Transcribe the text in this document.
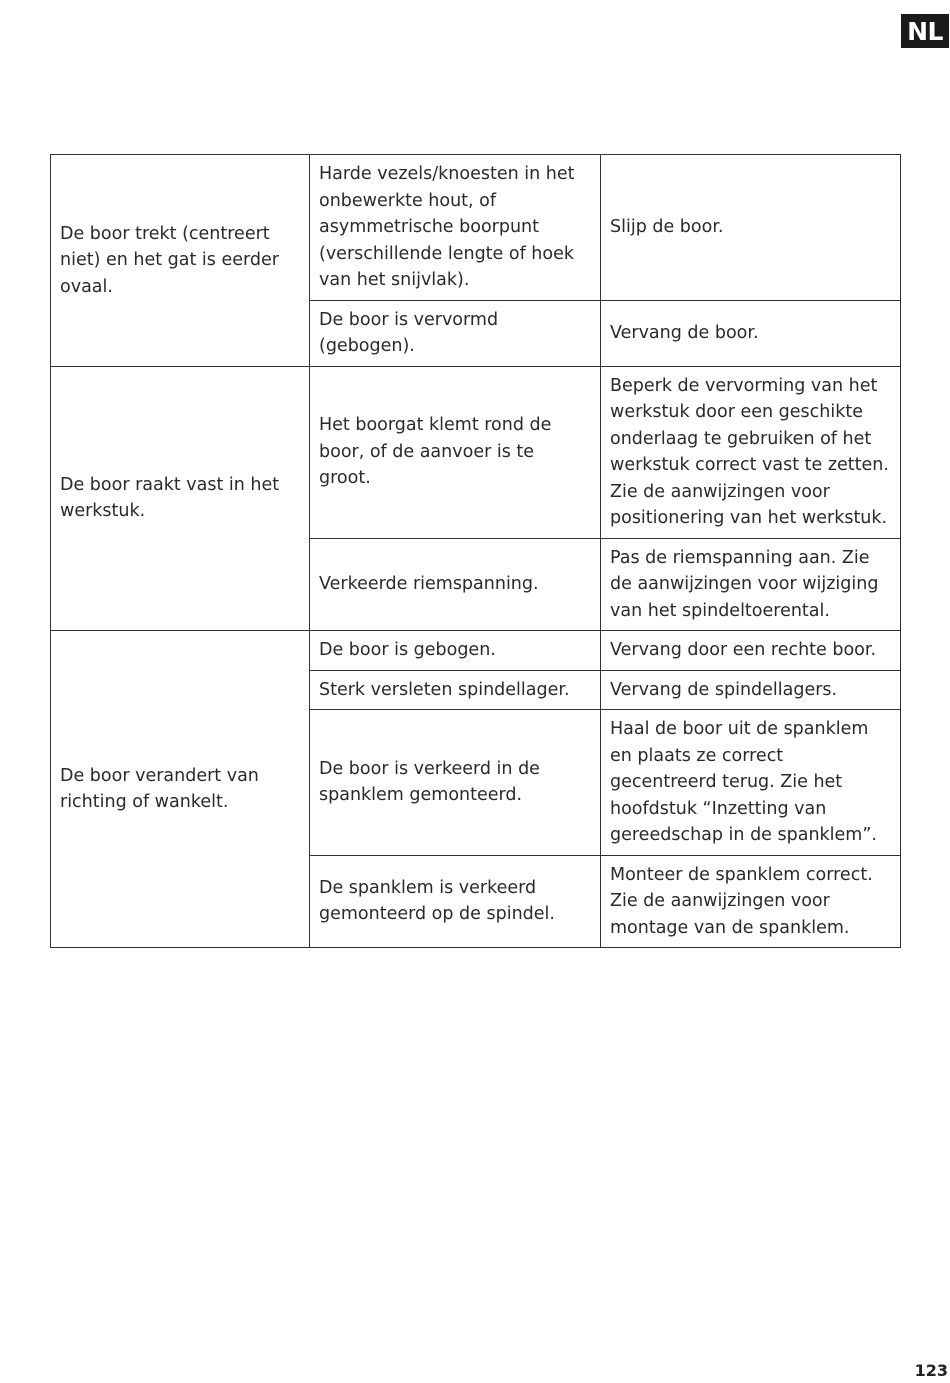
NL
De boor trekt (centreert niet) en het gat is eerder ovaal.	Harde vezels/knoesten in het onbewerkte hout, of asymmetrische boorpunt (verschillende lengte of hoek van het snijvlak).	Slijp de boor.
	De boor is vervormd (gebogen).	Vervang de boor.
De boor raakt vast in het werkstuk.	Het boorgat klemt rond de boor, of de aanvoer is te groot.	Beperk de vervorming van het werkstuk door een geschikte onderlaag te gebruiken of het werkstuk correct vast te zetten. Zie de aanwijzingen voor positionering van het werkstuk.
	Verkeerde riemspanning.	Pas de riemspanning aan. Zie de aanwijzingen voor wijziging van het spindeltoerental.
De boor verandert van richting of wankelt.	De boor is gebogen.	Vervang door een rechte boor.
	Sterk versleten spindellager.	Vervang de spindellagers.
	De boor is verkeerd in de spanklem gemonteerd.	Haal de boor uit de spanklem en plaats ze correct gecentreerd terug. Zie het hoofdstuk “Inzetting van gereedschap in de spanklem”.
	De spanklem is verkeerd gemonteerd op de spindel.	Monteer de spanklem correct. Zie de aanwijzingen voor montage van de spanklem.
123
